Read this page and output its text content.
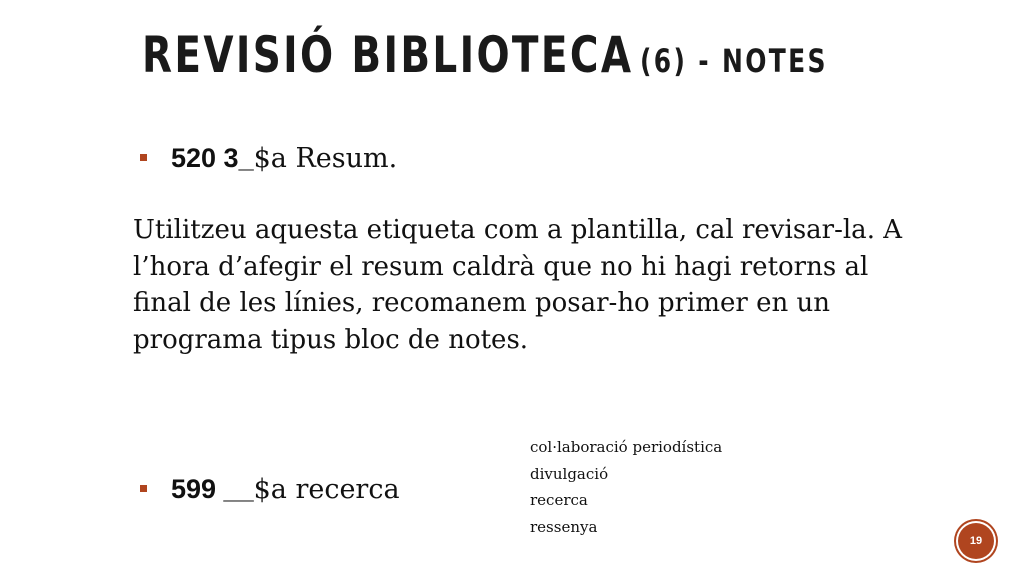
REVISIÓ BIBLIOTECA (6) - NOTES
520 3_ $a Resum.
Utilitzeu aquesta etiqueta com a plantilla, cal revisar-la. A l’hora d’afegir el resum caldrà que no hi hagi retorns al final de les línies, recomanem posar-ho primer en un programa tipus bloc de notes.
599 __ $a recerca
col·laboració periodística
divulgació
recerca
ressenya
19
